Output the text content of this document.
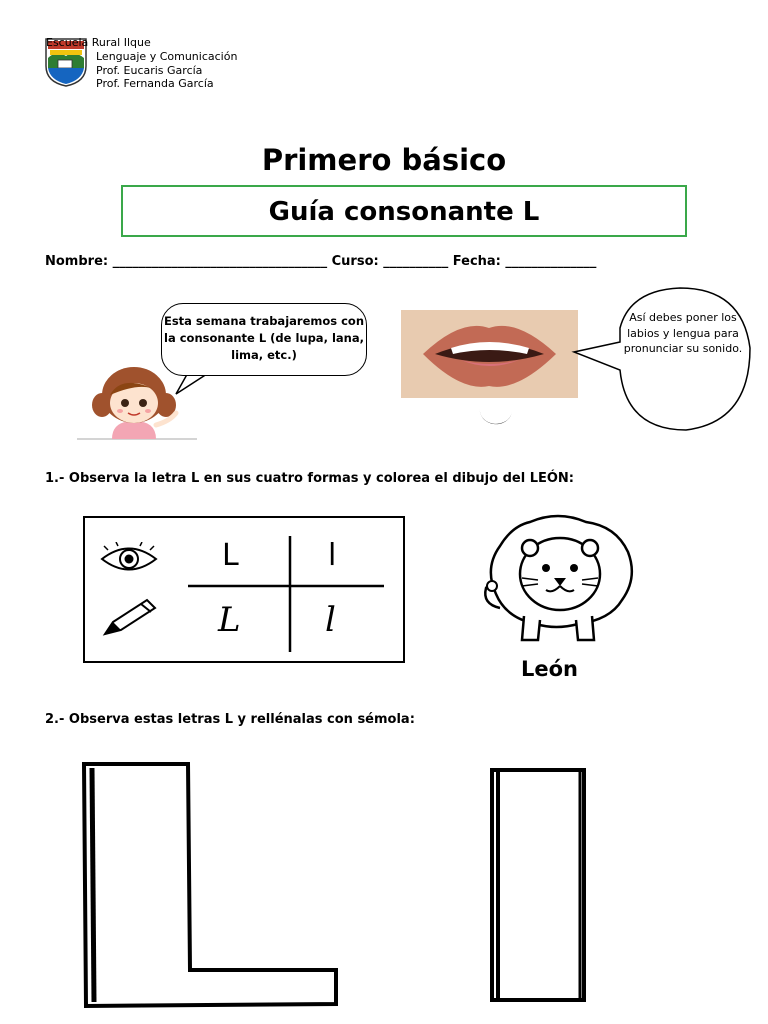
Escuela Rural Ilque
Lenguaje y Comunicación
Prof. Eucaris García
Prof. Fernanda García
Primero básico
Guía consonante L
Nombre: _________________________________ Curso: __________ Fecha: ______________
Esta semana trabajaremos con la consonante L (de lupa, lana, lima, etc.)
Así debes poner los labios y lengua para pronunciar su sonido.
1.- Observa la letra L en sus cuatro formas y colorea el dibujo del LEÓN:
L	l
L l
León
2.- Observa estas letras L y rellénalas con sémola:
